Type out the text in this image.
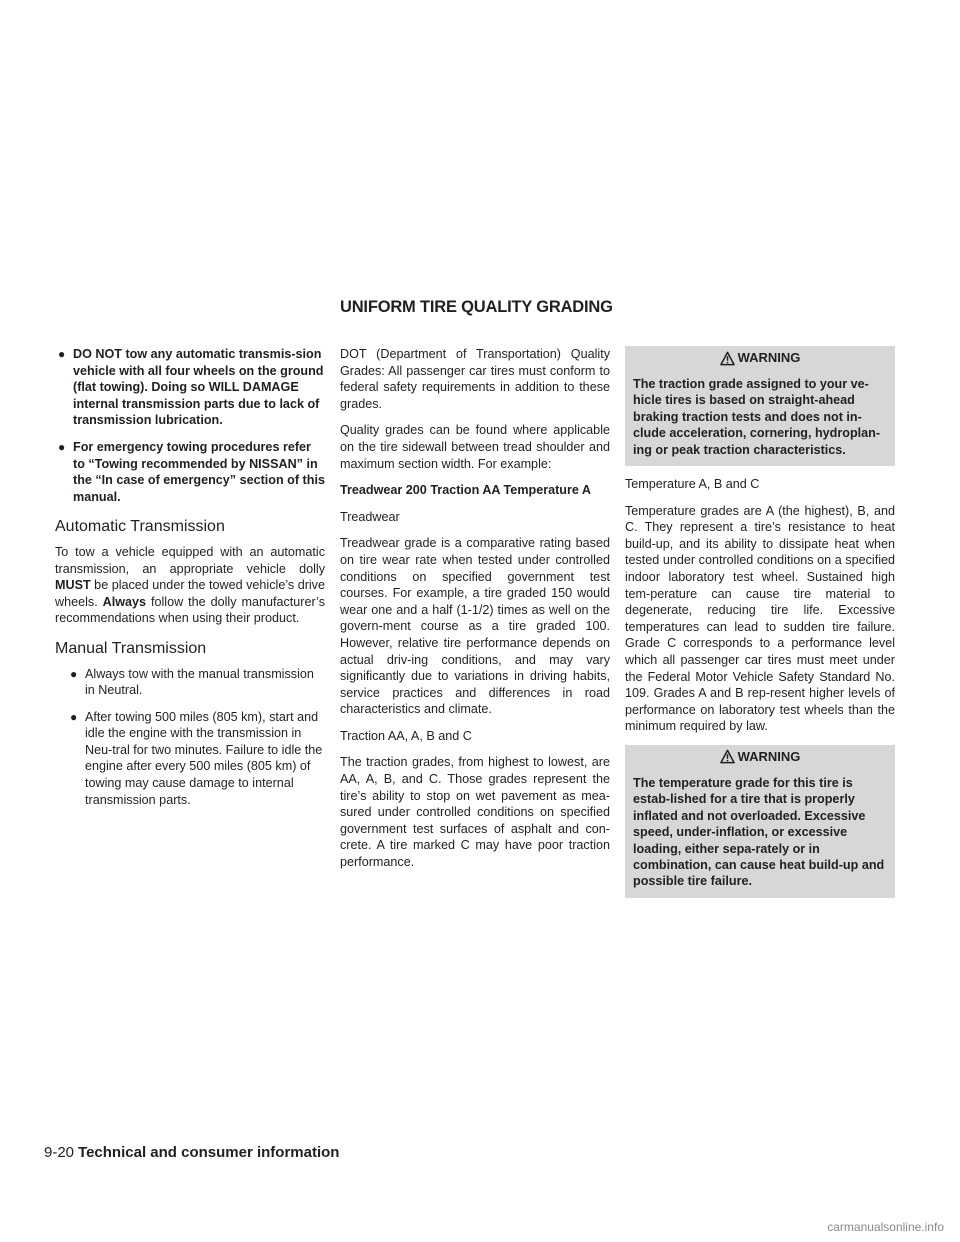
UNIFORM TIRE QUALITY GRADING
● DO NOT tow any automatic transmis-sion vehicle with all four wheels on the ground (flat towing). Doing so WILL DAMAGE internal transmission parts due to lack of transmission lubrication.
● For emergency towing procedures refer to “Towing recommended by NISSAN” in the “In case of emergency” section of this manual.
Automatic Transmission

To tow a vehicle equipped with an automatic transmission, an appropriate vehicle dolly MUST be placed under the towed vehicle’s drive wheels. Always follow the dolly manufacturer’s recommendations when using their product.

Manual Transmission
● Always tow with the manual transmission in Neutral.
● After towing 500 miles (805 km), start and idle the engine with the transmission in Neu-tral for two minutes. Failure to idle the engine after every 500 miles (805 km) of towing may cause damage to internal transmission parts.

DOT (Department of Transportation) Quality Grades: All passenger car tires must conform to federal safety requirements in addition to these grades.

Quality grades can be found where applicable on the tire sidewall between tread shoulder and maximum section width. For example:

Treadwear 200 Traction AA Temperature A

Treadwear

Treadwear grade is a comparative rating based on tire wear rate when tested under controlled conditions on specified government test courses. For example, a tire graded 150 would wear one and a half (1-1/2) times as well on the govern-ment course as a tire graded 100. However, relative tire performance depends on actual driv-ing conditions, and may vary significantly due to variations in driving habits, service practices and differences in road characteristics and climate.

Traction AA, A, B and C

The traction grades, from highest to lowest, are AA, A, B, and C. Those grades represent the tire’s ability to stop on wet pavement as mea-sured under controlled conditions on specified government test surfaces of asphalt and con-crete. A tire marked C may have poor traction performance.

WARNING
The traction grade assigned to your ve-hicle tires is based on straight-ahead braking traction tests and does not in-clude acceleration, cornering, hydroplan-ing or peak traction characteristics.

Temperature A, B and C

Temperature grades are A (the highest), B, and C. They represent a tire’s resistance to heat build-up, and its ability to dissipate heat when tested under controlled conditions on a specified indoor laboratory test wheel. Sustained high tem-perature can cause tire material to degenerate, reducing tire life. Excessive temperatures can lead to sudden tire failure. Grade C corresponds to a performance level which all passenger car tires must meet under the Federal Motor Vehicle Safety Standard No. 109. Grades A and B rep-resent higher levels of performance on laboratory test wheels than the minimum required by law.

WARNING
The temperature grade for this tire is estab-lished for a tire that is properly inflated and not overloaded. Excessive speed, under-inflation, or excessive loading, either sepa-rately or in combination, can cause heat build-up and possible tire failure.
9-20 Technical and consumer information
carmanualsonline.info
